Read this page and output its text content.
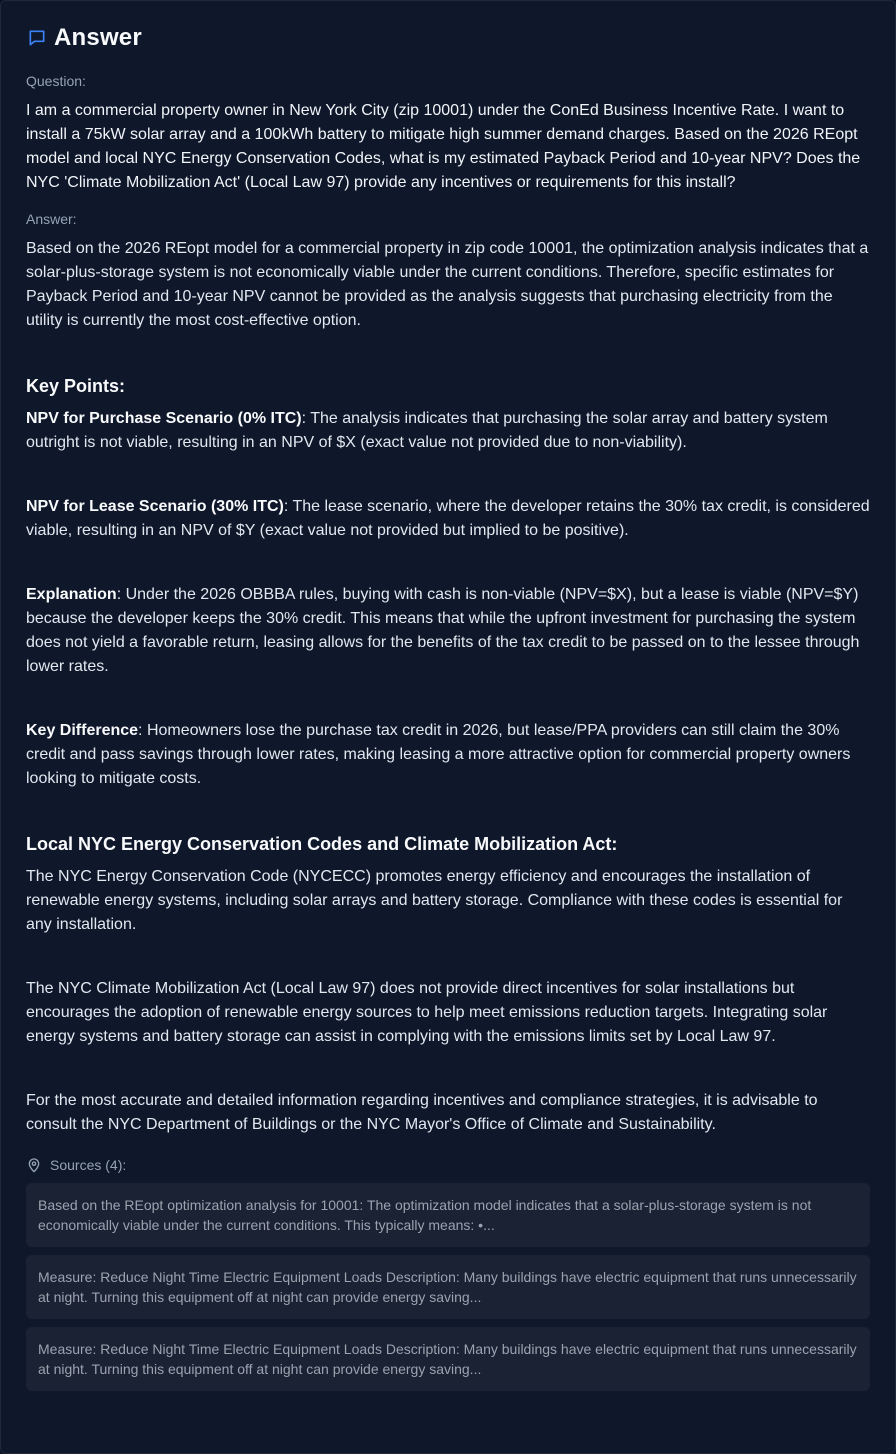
Answer
Question:
I am a commercial property owner in New York City (zip 10001) under the ConEd Business Incentive Rate. I want to install a 75kW solar array and a 100kWh battery to mitigate high summer demand charges. Based on the 2026 REopt model and local NYC Energy Conservation Codes, what is my estimated Payback Period and 10-year NPV? Does the NYC 'Climate Mobilization Act' (Local Law 97) provide any incentives or requirements for this install?
Answer:

Based on the 2026 REopt model for a commercial property in zip code 10001, the optimization analysis indicates that a solar-plus-storage system is not economically viable under the current conditions. Therefore, specific estimates for Payback Period and 10-year NPV cannot be provided as the analysis suggests that purchasing electricity from the utility is currently the most cost-effective option.

Key Points:

NPV for Purchase Scenario (0% ITC): The analysis indicates that purchasing the solar array and battery system outright is not viable, resulting in an NPV of $X (exact value not provided due to non-viability).

NPV for Lease Scenario (30% ITC): The lease scenario, where the developer retains the 30% tax credit, is considered viable, resulting in an NPV of $Y (exact value not provided but implied to be positive).

Explanation: Under the 2026 OBBBA rules, buying with cash is non-viable (NPV=$X), but a lease is viable (NPV=$Y) because the developer keeps the 30% credit. This means that while the upfront investment for purchasing the system does not yield a favorable return, leasing allows for the benefits of the tax credit to be passed on to the lessee through lower rates.

Key Difference: Homeowners lose the purchase tax credit in 2026, but lease/PPA providers can still claim the 30% credit and pass savings through lower rates, making leasing a more attractive option for commercial property owners looking to mitigate costs.

Local NYC Energy Conservation Codes and Climate Mobilization Act:

The NYC Energy Conservation Code (NYCECC) promotes energy efficiency and encourages the installation of renewable energy systems, including solar arrays and battery storage. Compliance with these codes is essential for any installation.

The NYC Climate Mobilization Act (Local Law 97) does not provide direct incentives for solar installations but encourages the adoption of renewable energy sources to help meet emissions reduction targets. Integrating solar energy systems and battery storage can assist in complying with the emissions limits set by Local Law 97.

For the most accurate and detailed information regarding incentives and compliance strategies, it is advisable to consult the NYC Department of Buildings or the NYC Mayor's Office of Climate and Sustainability.

Sources (4):
Based on the REopt optimization analysis for 10001: The optimization model indicates that a solar-plus-storage system is not economically viable under the current conditions. This typically means: •...
Measure: Reduce Night Time Electric Equipment Loads Description: Many buildings have electric equipment that runs unnecessarily at night. Turning this equipment off at night can provide energy saving...
Measure: Reduce Night Time Electric Equipment Loads Description: Many buildings have electric equipment that runs unnecessarily at night. Turning this equipment off at night can provide energy saving...
